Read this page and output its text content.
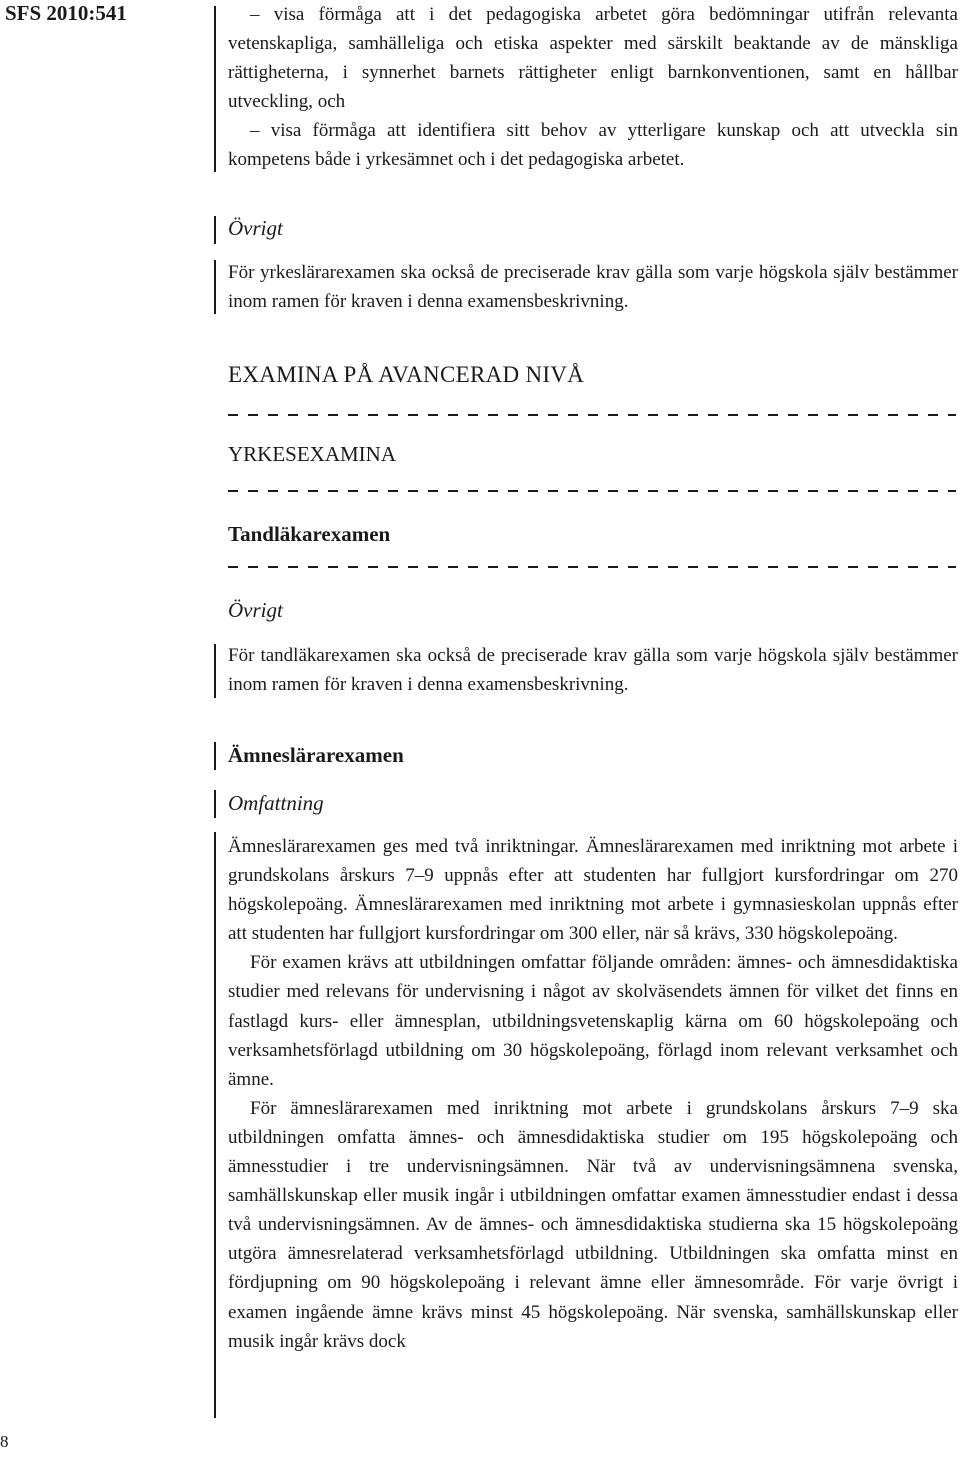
SFS 2010:541
8

– visa förmåga att i det pedagogiska arbetet göra bedömningar utifrån relevanta vetenskapliga, samhälleliga och etiska aspekter med särskilt beaktande av de mänskliga rättigheterna, i synnerhet barnets rättigheter enligt barnkonventionen, samt en hållbar utveckling, och

– visa förmåga att identifiera sitt behov av ytterligare kunskap och att utveckla sin kompetens både i yrkesämnet och i det pedagogiska arbetet.

Övrigt

För yrkeslärarexamen ska också de preciserade krav gälla som varje högskola själv bestämmer inom ramen för kraven i denna examensbeskrivning.

EXAMINA PÅ AVANCERAD NIVÅ
YRKESEXAMINA
Tandläkarexamen
Övrigt

För tandläkarexamen ska också de preciserade krav gälla som varje högskola själv bestämmer inom ramen för kraven i denna examensbeskrivning.

Ämneslärarexamen
Omfattning

Ämneslärarexamen ges med två inriktningar. Ämneslärarexamen med inriktning mot arbete i grundskolans årskurs 7–9 uppnås efter att studenten har fullgjort kursfordringar om 270 högskolepoäng. Ämneslärarexamen med inriktning mot arbete i gymnasieskolan uppnås efter att studenten har fullgjort kursfordringar om 300 eller, när så krävs, 330 högskolepoäng.

För examen krävs att utbildningen omfattar följande områden: ämnes- och ämnesdidaktiska studier med relevans för undervisning i något av skolväsendets ämnen för vilket det finns en fastlagd kurs- eller ämnesplan, utbildningsvetenskaplig kärna om 60 högskolepoäng och verksamhetsförlagd utbildning om 30 högskolepoäng, förlagd inom relevant verksamhet och ämne.

För ämneslärarexamen med inriktning mot arbete i grundskolans årskurs 7–9 ska utbildningen omfatta ämnes- och ämnesdidaktiska studier om 195 högskolepoäng och ämnesstudier i tre undervisningsämnen. När två av undervisningsämnena svenska, samhällskunskap eller musik ingår i utbildningen omfattar examen ämnesstudier endast i dessa två undervisningsämnen. Av de ämnes- och ämnesdidaktiska studierna ska 15 högskolepoäng utgöra ämnesrelaterad verksamhetsförlagd utbildning. Utbildningen ska omfatta minst en fördjupning om 90 högskolepoäng i relevant ämne eller ämnesområde. För varje övrigt i examen ingående ämne krävs minst 45 högskolepoäng. När svenska, samhällskunskap eller musik ingår krävs dock
